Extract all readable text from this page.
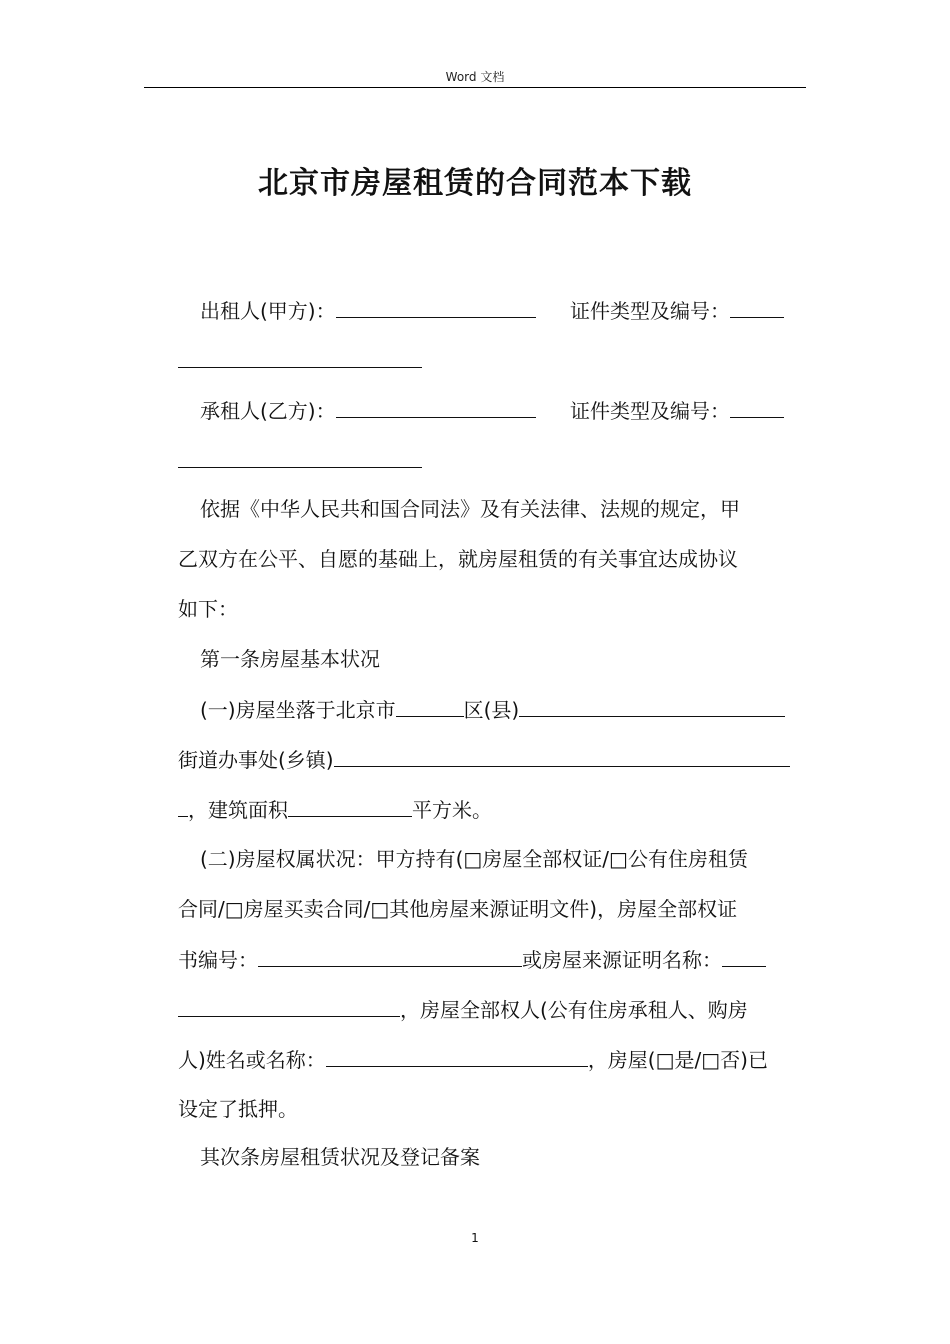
Word 文档
北京市房屋租赁的合同范本下载
出租人(甲方)：	证件类型及编号：
承租人(乙方)：	证件类型及编号：
依据《中华人民共和国合同法》及有关法律、法规的规定，甲
乙双方在公平、自愿的基础上，就房屋租赁的有关事宜达成协议
如下：
第一条房屋基本状况
(一)房屋坐落于北京市	区(县)
街道办事处(乡镇)
，建筑面积	平方米。
(二)房屋权属状况：甲方持有(□房屋全部权证/□公有住房租赁
合同/□房屋买卖合同/□其他房屋来源证明文件)，房屋全部权证
书编号：	或房屋来源证明名称：
，房屋全部权人(公有住房承租人、购房
人)姓名或名称：	，房屋(□是/□否)已
设定了抵押。
其次条房屋租赁状况及登记备案
1
